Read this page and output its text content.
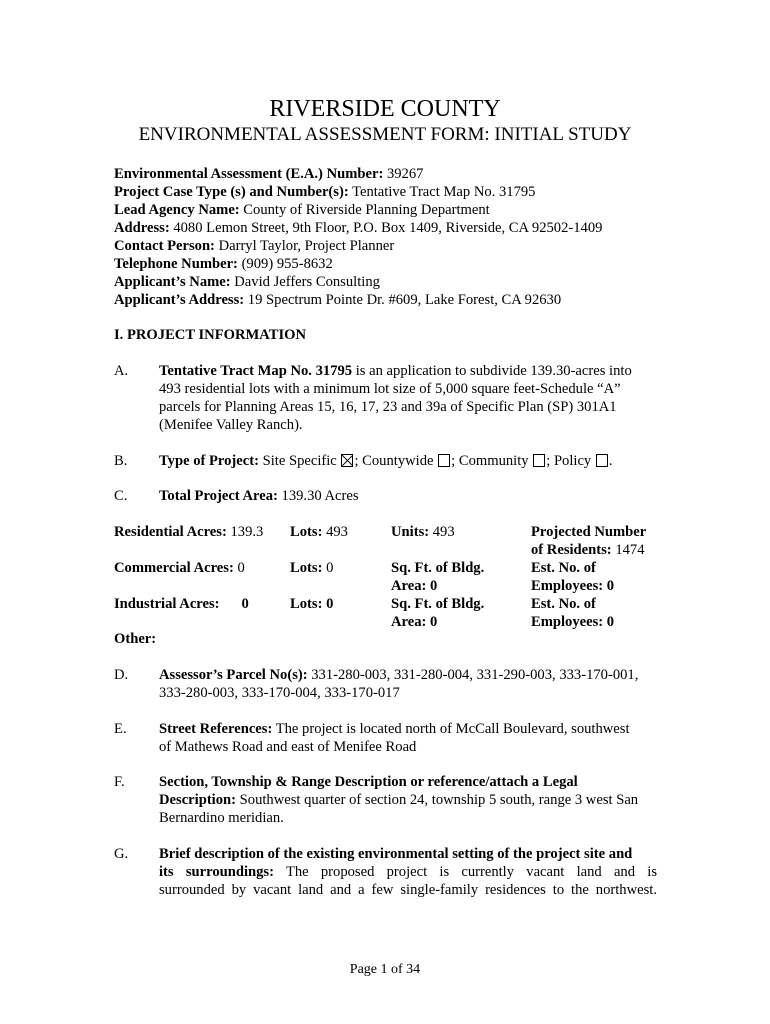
RIVERSIDE COUNTY
ENVIRONMENTAL ASSESSMENT FORM: INITIAL STUDY
Environmental Assessment (E.A.) Number: 39267
Project Case Type (s) and Number(s): Tentative Tract Map No. 31795
Lead Agency Name: County of Riverside Planning Department
Address: 4080 Lemon Street, 9th Floor, P.O. Box 1409, Riverside, CA 92502-1409
Contact Person: Darryl Taylor, Project Planner
Telephone Number: (909) 955-8632
Applicant’s Name: David Jeffers Consulting
Applicant’s Address: 19 Spectrum Pointe Dr. #609, Lake Forest, CA 92630
I. PROJECT INFORMATION
A. Tentative Tract Map No. 31795 is an application to subdivide 139.30-acres into
493 residential lots with a minimum lot size of 5,000 square feet-Schedule “A”
parcels for Planning Areas 15, 16, 17, 23 and 39a of Specific Plan (SP) 301A1
(Menifee Valley Ranch).
B. Type of Project: Site Specific ; Countywide ; Community ; Policy .
C. Total Project Area: 139.30 Acres
Residential Acres: 139.3 Lots: 493	Units: 493	Projected Number
of Residents: 1474
Commercial Acres: 0	Lots: 0	Sq. Ft. of Bldg.
Area: 0
Est. No. of
Employees: 0
Industrial Acres: 0	Lots: 0	Sq. Ft. of Bldg.
Area: 0
Est. No. of
Employees: 0
Other:
D. Assessor’s Parcel No(s): 331-280-003, 331-280-004, 331-290-003, 333-170-001,
333-280-003, 333-170-004, 333-170-017
E. Street References: The project is located north of McCall Boulevard, southwest
of Mathews Road and east of Menifee Road
F. Section, Township & Range Description or reference/attach a Legal
Description: Southwest quarter of section 24, township 5 south, range 3 west San
Bernardino meridian.
G. Brief description of the existing environmental setting of the project site and
its surroundings: The proposed project is currently vacant land and is
surrounded by vacant land and a few single-family residences to the northwest.
Page 1 of 34
